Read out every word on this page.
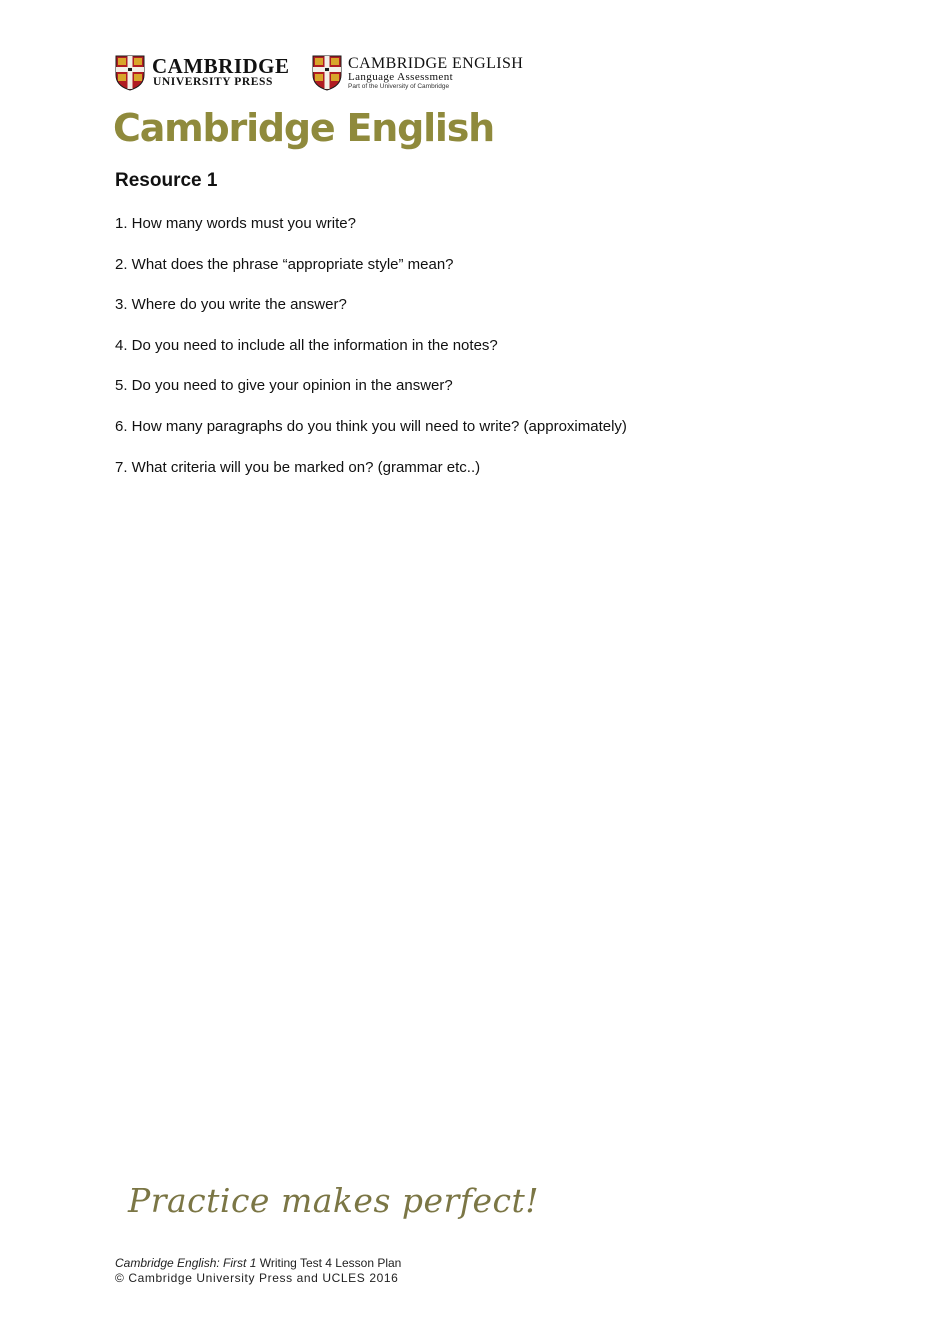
CAMBRIDGE
UNIVERSITY PRESS
CAMBRIDGE ENGLISH
Language Assessment
Part of the University of Cambridge
Cambridge English
Resource 1
1. How many words must you write?
2. What does the phrase “appropriate style” mean?
3. Where do you write the answer?
4. Do you need to include all the information in the notes?
5. Do you need to give your opinion in the answer?
6. How many paragraphs do you think you will need to write? (approximately)
7. What criteria will you be marked on? (grammar etc..)
Practice makes perfect!
Cambridge English: First 1 Writing Test 4 Lesson Plan
© Cambridge University Press and UCLES 2016
